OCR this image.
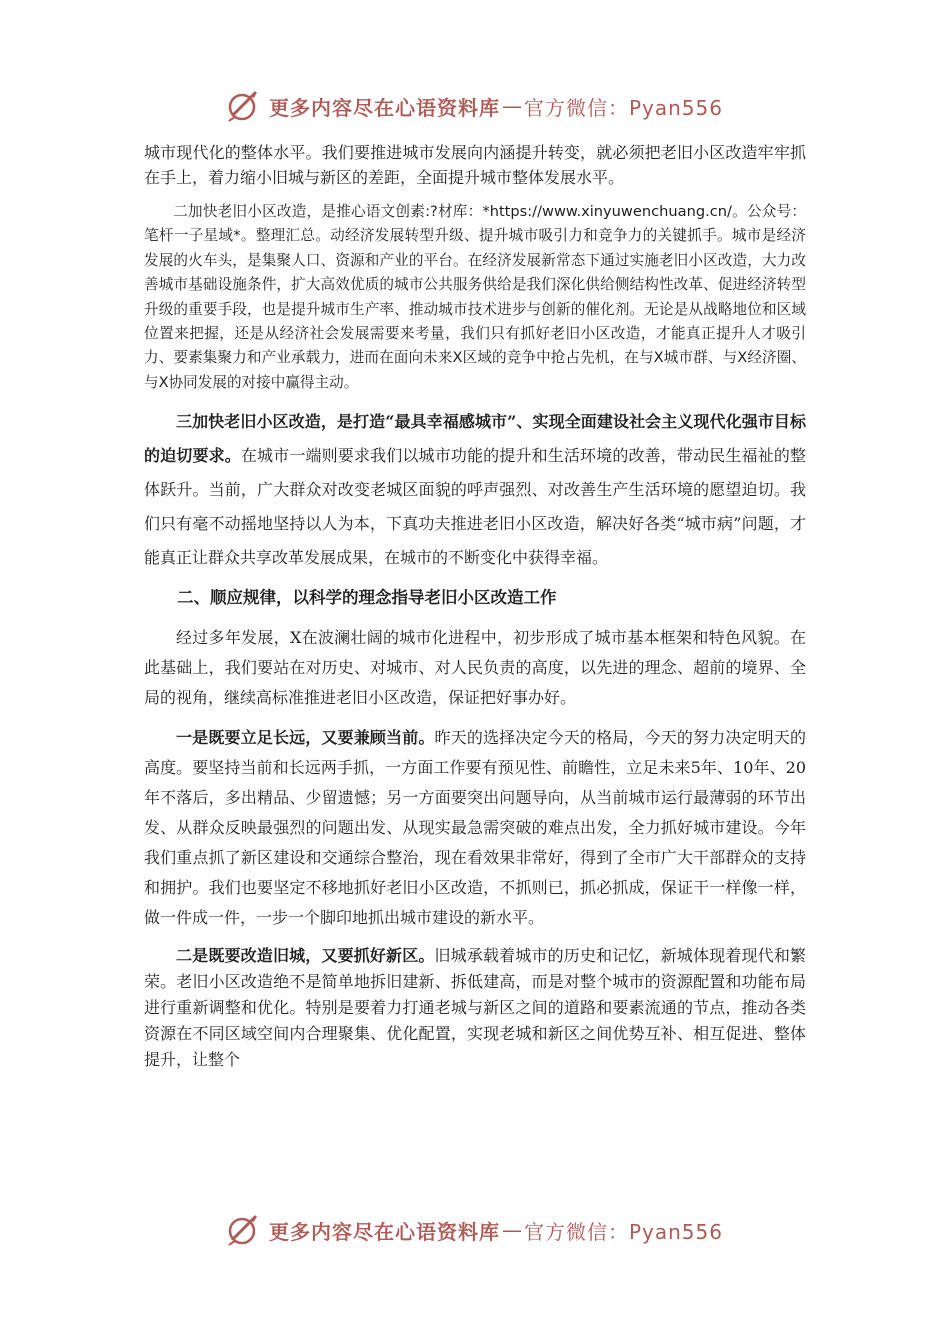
更多内容尽在心语资料库 — 官方微信：Pyan556

城市现代化的整体水平。我们要推进城市发展向内涵提升转变，就必须把老旧小区改造牢牢抓在手上，着力缩小旧城与新区的差距，全面提升城市整体发展水平。

二加快老旧小区改造，是推心语文创素:?材库：*https://www.xinyuwenchuang.cn/。公众号：笔杆一子星域*。整理汇总。动经济发展转型升级、提升城市吸引力和竞争力的关键抓手。城市是经济发展的火车头，是集聚人口、资源和产业的平台。在经济发展新常态下通过实施老旧小区改造，大力改善城市基础设施条件，扩大高效优质的城市公共服务供给是我们深化供给侧结构性改革、促进经济转型升级的重要手段，也是提升城市生产率、推动城市技术进步与创新的催化剂。无论是从战略地位和区域位置来把握，还是从经济社会发展需要来考量，我们只有抓好老旧小区改造，才能真正提升人才吸引力、要素集聚力和产业承载力，进而在面向未来X区域的竞争中抢占先机，在与X城市群、与X经济圈、与X协同发展的对接中赢得主动。

三加快老旧小区改造，是打造“最具幸福感城市”、实现全面建设社会主义现代化强市目标的迫切要求。在城市一端则要求我们以城市功能的提升和生活环境的改善，带动民生福祉的整体跃升。当前，广大群众对改变老城区面貌的呼声强烈、对改善生产生活环境的愿望迫切。我们只有毫不动摇地坚持以人为本，下真功夫推进老旧小区改造，解决好各类“城市病”问题，才能真正让群众共享改革发展成果，在城市的不断变化中获得幸福。

二、顺应规律，以科学的理念指导老旧小区改造工作

经过多年发展，X在波澜壮阔的城市化进程中，初步形成了城市基本框架和特色风貌。在此基础上，我们要站在对历史、对城市、对人民负责的高度，以先进的理念、超前的境界、全局的视角，继续高标准推进老旧小区改造，保证把好事办好。

一是既要立足长远，又要兼顾当前。昨天的选择决定今天的格局，今天的努力决定明天的高度。要坚持当前和长远两手抓，一方面工作要有预见性、前瞻性，立足未来5年、10年、20年不落后，多出精品、少留遗憾；另一方面要突出问题导向，从当前城市运行最薄弱的环节出发、从群众反映最强烈的问题出发、从现实最急需突破的难点出发，全力抓好城市建设。今年我们重点抓了新区建设和交通综合整治，现在看效果非常好，得到了全市广大干部群众的支持和拥护。我们也要坚定不移地抓好老旧小区改造，不抓则已，抓必抓成，保证干一样像一样，做一件成一件，一步一个脚印地抓出城市建设的新水平。

二是既要改造旧城，又要抓好新区。旧城承载着城市的历史和记忆，新城体现着现代和繁荣。老旧小区改造绝不是简单地拆旧建新、拆低建高，而是对整个城市的资源配置和功能布局进行重新调整和优化。特别是要着力打通老城与新区之间的道路和要素流通的节点，推动各类资源在不同区域空间内合理聚集、优化配置，实现老城和新区之间优势互补、相互促进、整体提升，让整个

更多内容尽在心语资料库 — 官方微信：Pyan556
